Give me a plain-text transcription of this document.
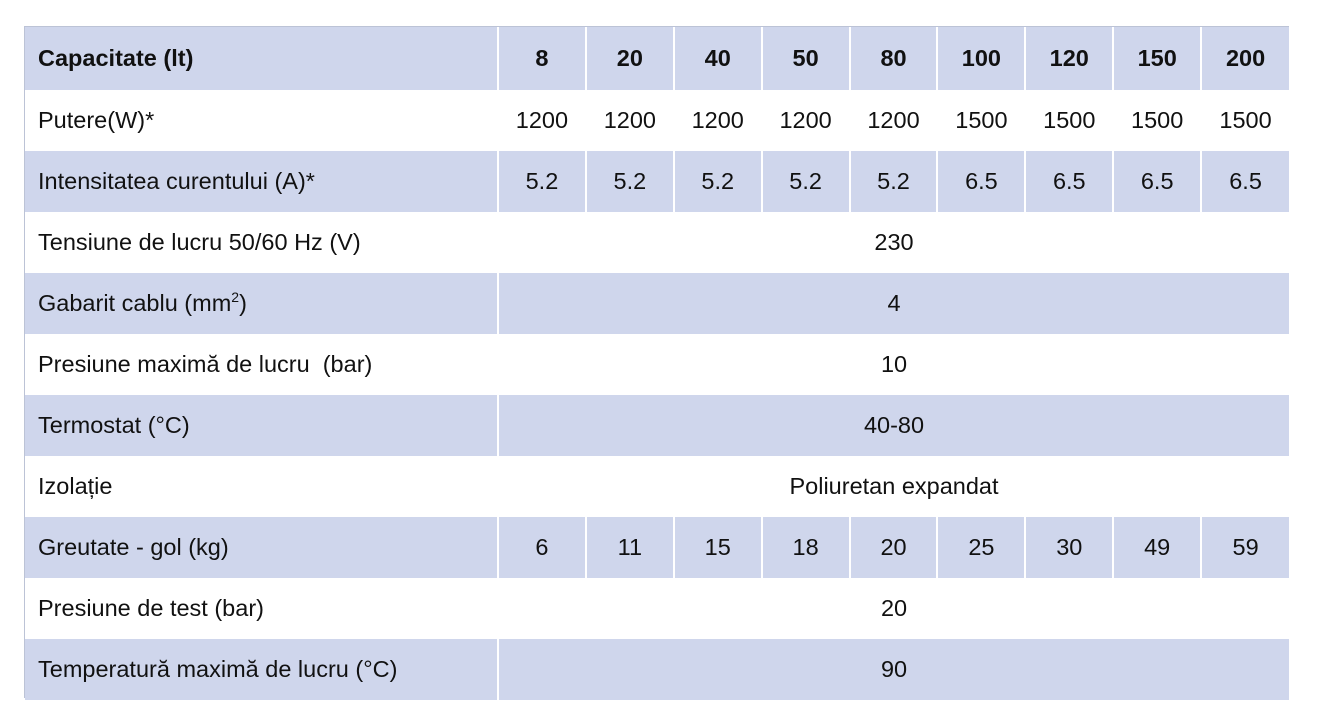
Capacitate (lt)	8	20	40	50	80	100	120	150	200
Putere(W)*	1200	1200	1200	1200	1200	1500	1500	1500	1500
Intensitatea curentului (A)*	5.2	5.2	5.2	5.2	5.2	6.5	6.5	6.5	6.5
Tensiune de lucru 50/60 Hz (V)	230								
Gabarit cablu $(mm^2)$	4								
Presiune maximă de lucru  (bar)	10								
Termostat (°C)	40-80								
Izolație	Poliuretan expandat								
Greutate - gol (kg)	6	11	15	18	20	25	30	49	59
Presiune de test (bar)	20								
Temperatură maximă de lucru (°C)	90								
